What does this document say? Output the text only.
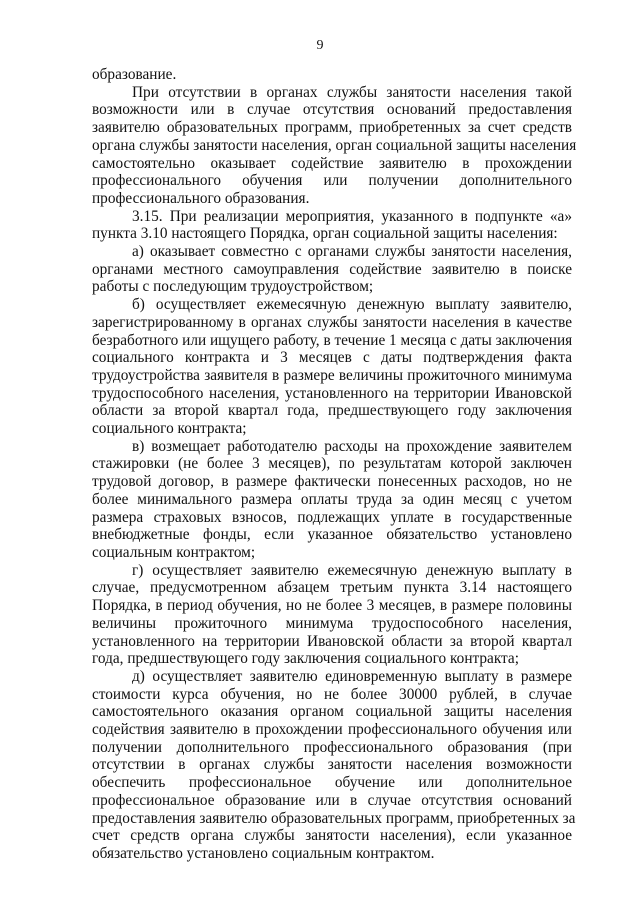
9
образование.
При отсутствии в органах службы занятости населения такой
возможности или в случае отсутствия оснований предоставления
заявителю образовательных программ, приобретенных за счет средств
органа службы занятости населения, орган социальной защиты населения
самостоятельно оказывает содействие заявителю в прохождении
профессионального обучения или получении дополнительного
профессионального образования.
3.15. При реализации мероприятия, указанного в подпункте «а»
пункта 3.10 настоящего Порядка, орган социальной защиты населения:
а) оказывает совместно с органами службы занятости населения,
органами местного самоуправления содействие заявителю в поиске
работы с последующим трудоустройством;
б) осуществляет ежемесячную денежную выплату заявителю,
зарегистрированному в органах службы занятости населения в качестве
безработного или ищущего работу, в течение 1 месяца с даты заключения
социального контракта и 3 месяцев с даты подтверждения факта
трудоустройства заявителя в размере величины прожиточного минимума
трудоспособного населения, установленного на территории Ивановской
области за второй квартал года, предшествующего году заключения
социального контракта;
в) возмещает работодателю расходы на прохождение заявителем
стажировки (не более 3 месяцев), по результатам которой заключен
трудовой договор, в размере фактически понесенных расходов, но не
более минимального размера оплаты труда за один месяц с учетом
размера страховых взносов, подлежащих уплате в государственные
внебюджетные фонды, если указанное обязательство установлено
социальным контрактом;
г) осуществляет заявителю ежемесячную денежную выплату в
случае, предусмотренном абзацем третьим пункта 3.14 настоящего
Порядка, в период обучения, но не более 3 месяцев, в размере половины
величины прожиточного минимума трудоспособного населения,
установленного на территории Ивановской области за второй квартал
года, предшествующего году заключения социального контракта;
д) осуществляет заявителю единовременную выплату в размере
стоимости курса обучения, но не более 30000 рублей, в случае
самостоятельного оказания органом социальной защиты населения
содействия заявителю в прохождении профессионального обучения или
получении дополнительного профессионального образования (при
отсутствии в органах службы занятости населения возможности
обеспечить профессиональное обучение или дополнительное
профессиональное образование или в случае отсутствия оснований
предоставления заявителю образовательных программ, приобретенных за
счет средств органа службы занятости населения), если указанное
обязательство установлено социальным контрактом.
